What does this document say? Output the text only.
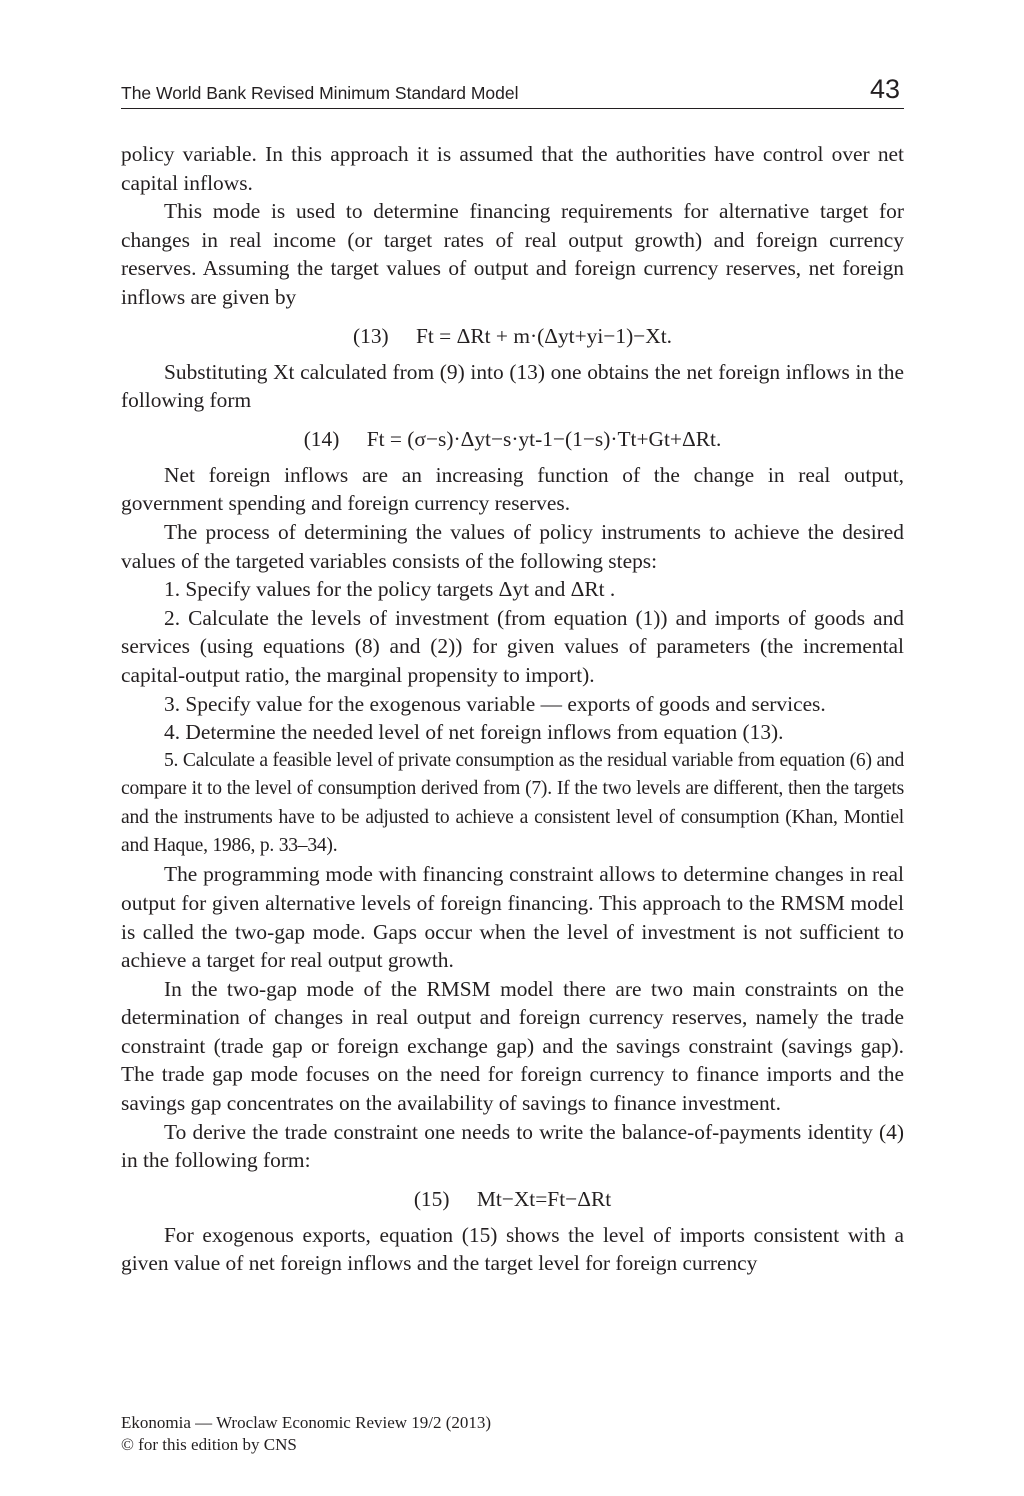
The World Bank Revised Minimum Standard Model	43

policy variable. In this approach it is assumed that the authorities have control over net capital inflows.

This mode is used to determine financing requirements for alternative target for changes in real income (or target rates of real output growth) and foreign currency reserves. Assuming the target values of output and foreign currency reserves, net foreign inflows are given by

(13) Ft = ΔRt + m·(Δyt+yi−1)−Xt.

Substituting Xt calculated from (9) into (13) one obtains the net foreign inflows in the following form

(14) Ft = (σ−s)·Δyt−s·yt-1−(1−s)·Tt+Gt+ΔRt.

Net foreign inflows are an increasing function of the change in real output, government spending and foreign currency reserves.

The process of determining the values of policy instruments to achieve the desired values of the targeted variables consists of the following steps:

1. Specify values for the policy targets Δyt and ΔRt .

2. Calculate the levels of investment (from equation (1)) and imports of goods and services (using equations (8) and (2)) for given values of parameters (the incremental capital-output ratio, the marginal propensity to import).

3. Specify value for the exogenous variable — exports of goods and services.

4. Determine the needed level of net foreign inflows from equation (13).

5. Calculate a feasible level of private consumption as the residual variable from equation (6) and compare it to the level of consumption derived from (7). If the two levels are different, then the targets and the instruments have to be adjusted to achieve a consistent level of consumption (Khan, Montiel and Haque, 1986, p. 33–34).

The programming mode with financing constraint allows to determine changes in real output for given alternative levels of foreign financing. This approach to the RMSM model is called the two-gap mode. Gaps occur when the level of investment is not sufficient to achieve a target for real output growth.

In the two-gap mode of the RMSM model there are two main constraints on the determination of changes in real output and foreign currency reserves, namely the trade constraint (trade gap or foreign exchange gap) and the savings constraint (savings gap). The trade gap mode focuses on the need for foreign currency to finance imports and the savings gap concentrates on the availability of savings to finance investment.

To derive the trade constraint one needs to write the balance-of-payments identity (4) in the following form:

(15) Mt−Xt=Ft−ΔRt

For exogenous exports, equation (15) shows the level of imports consistent with a given value of net foreign inflows and the target level for foreign currency

Ekonomia — Wroclaw Economic Review 19/2 (2013)
© for this edition by CNS
